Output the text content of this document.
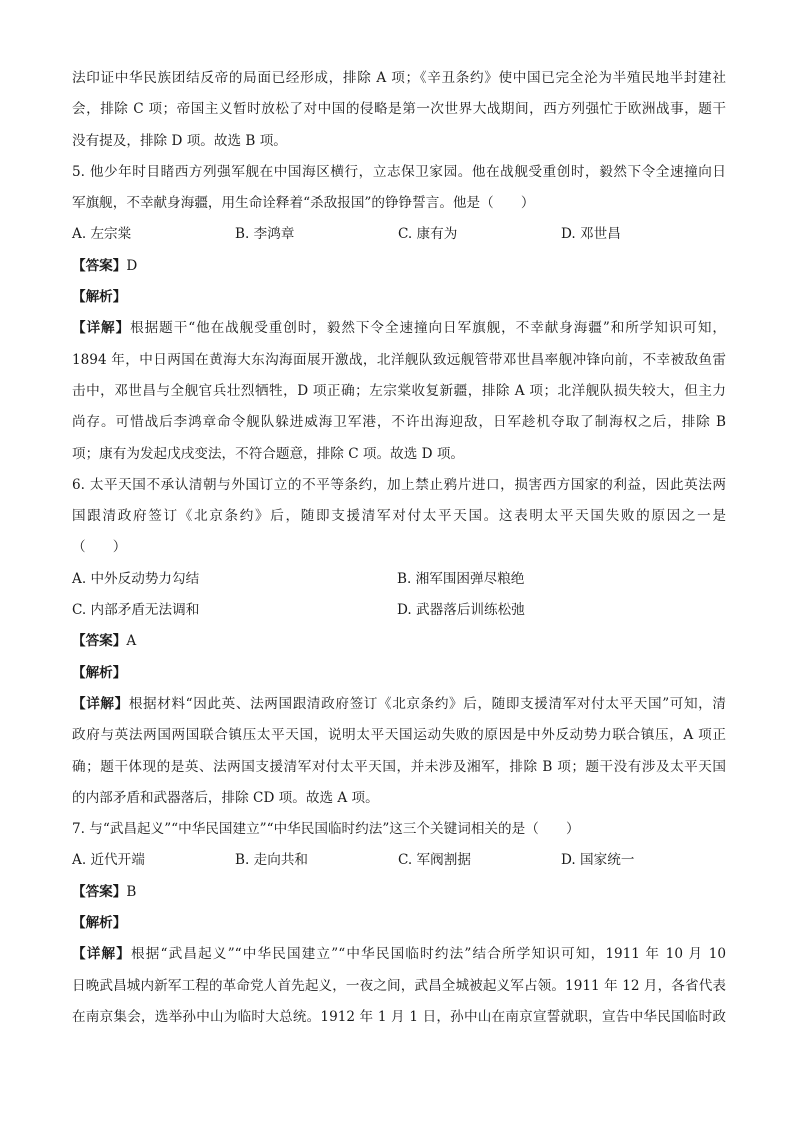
法印证中华民族团结反帝的局面已经形成，排除 A 项；《辛丑条约》使中国已完全沦为半殖民地半封建社
会，排除 C 项；帝国主义暂时放松了对中国的侵略是第一次世界大战期间，西方列强忙于欧洲战事，题干
没有提及，排除 D 项。故选 B 项。
5. 他少年时目睹西方列强军舰在中国海区横行，立志保卫家园。他在战舰受重创时，毅然下令全速撞向日
军旗舰，不幸献身海疆，用生命诠释着“杀敌报国”的铮铮誓言。他是（　　）
A. 左宗棠	B. 李鸿章	C. 康有为	D. 邓世昌
【答案】D
【解析】
【详解】根据题干“他在战舰受重创时，毅然下令全速撞向日军旗舰，不幸献身海疆”和所学知识可知，
1894 年，中日两国在黄海大东沟海面展开激战，北洋舰队致远舰管带邓世昌率舰冲锋向前，不幸被敌鱼雷
击中，邓世昌与全舰官兵壮烈牺牲，D 项正确；左宗棠收复新疆，排除 A 项；北洋舰队损失较大，但主力
尚存。可惜战后李鸿章命令舰队躲进威海卫军港，不许出海迎敌，日军趁机夺取了制海权之后，排除 B
项；康有为发起戊戌变法，不符合题意，排除 C 项。故选 D 项。
6. 太平天国不承认清朝与外国订立的不平等条约，加上禁止鸦片进口，损害西方国家的利益，因此英法两
国跟清政府签订《北京条约》后，随即支援清军对付太平天国。这表明太平天国失败的原因之一是
（　　）
A. 中外反动势力勾结	B. 湘军围困弹尽粮绝
C. 内部矛盾无法调和	D. 武器落后训练松弛
【答案】A
【解析】
【详解】根据材料“因此英、法两国跟清政府签订《北京条约》后，随即支援清军对付太平天国”可知，清
政府与英法两国两国联合镇压太平天国，说明太平天国运动失败的原因是中外反动势力联合镇压，A 项正
确；题干体现的是英、法两国支援清军对付太平天国，并未涉及湘军，排除 B 项；题干没有涉及太平天国
的内部矛盾和武器落后，排除 CD 项。故选 A 项。
7. 与“武昌起义”“中华民国建立”“中华民国临时约法”这三个关键词相关的是（　　）
A. 近代开端	B. 走向共和	C. 军阀割据	D. 国家统一
【答案】B
【解析】
【详解】根据“武昌起义”“中华民国建立”“中华民国临时约法”结合所学知识可知，1911 年 10 月 10
日晚武昌城内新军工程的革命党人首先起义，一夜之间，武昌全城被起义军占领。1911 年 12 月，各省代表
在南京集会，选举孙中山为临时大总统。1912 年 1 月 1 日，孙中山在南京宣誓就职，宣告中华民国临时政
